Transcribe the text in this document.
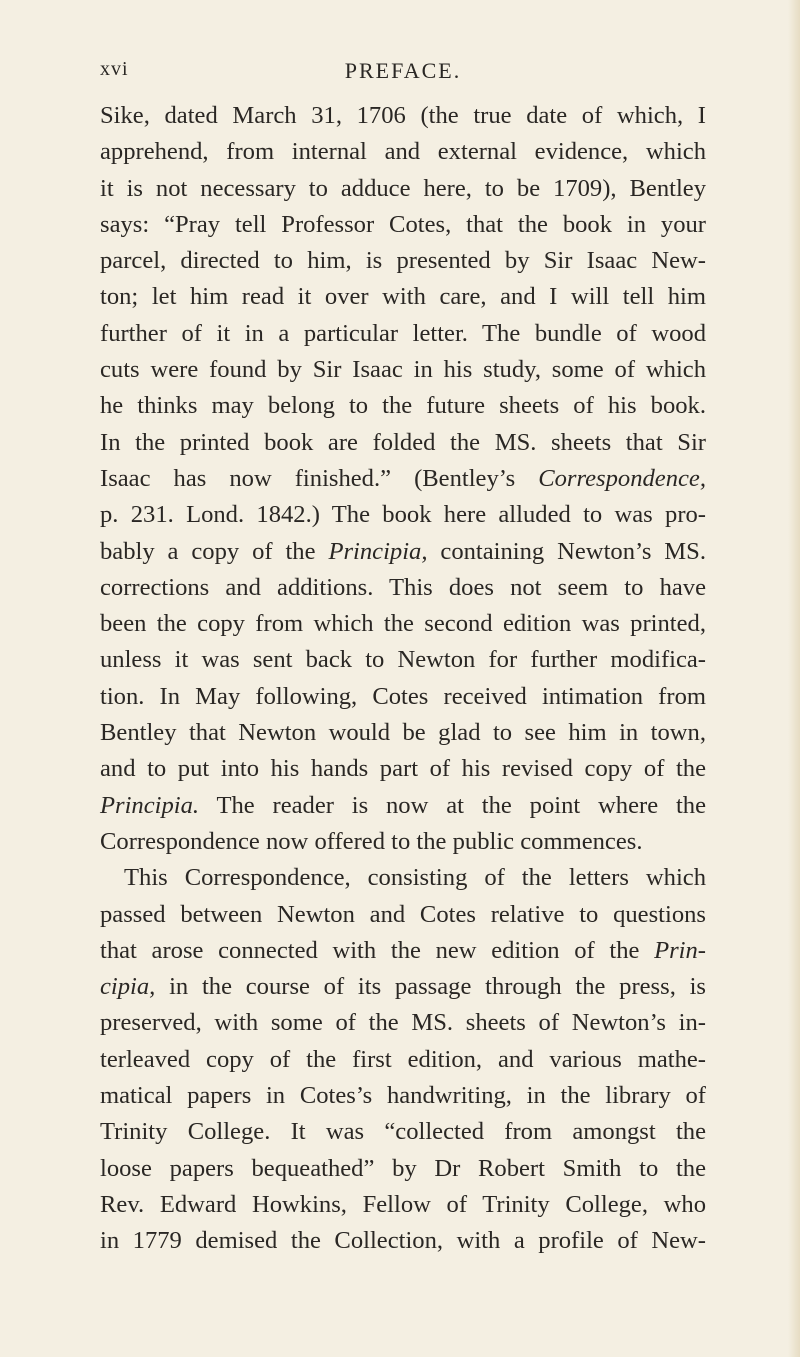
xvi	PREFACE.
Sike, dated March 31, 1706 (the true date of which, I
apprehend, from internal and external evidence, which
it is not necessary to adduce here, to be 1709), Bentley
says: “Pray tell Professor Cotes, that the book in your
parcel, directed to him, is presented by Sir Isaac New-
ton; let him read it over with care, and I will tell him
further of it in a particular letter. The bundle of wood
cuts were found by Sir Isaac in his study, some of which
he thinks may belong to the future sheets of his book.
In the printed book are folded the MS. sheets that Sir
Isaac has now finished.” (Bentley’s Correspondence,
p. 231. Lond. 1842.) The book here alluded to was pro-
bably a copy of the Principia, containing Newton’s MS.
corrections and additions. This does not seem to have
been the copy from which the second edition was printed,
unless it was sent back to Newton for further modifica-
tion. In May following, Cotes received intimation from
Bentley that Newton would be glad to see him in town,
and to put into his hands part of his revised copy of the
Principia. The reader is now at the point where the
Correspondence now offered to the public commences.
This Correspondence, consisting of the letters which
passed between Newton and Cotes relative to questions
that arose connected with the new edition of the Prin-
cipia, in the course of its passage through the press, is
preserved, with some of the MS. sheets of Newton’s in-
terleaved copy of the first edition, and various mathe-
matical papers in Cotes’s handwriting, in the library of
Trinity College. It was “collected from amongst the
loose papers bequeathed” by Dr Robert Smith to the
Rev. Edward Howkins, Fellow of Trinity College, who
in 1779 demised the Collection, with a profile of New-
